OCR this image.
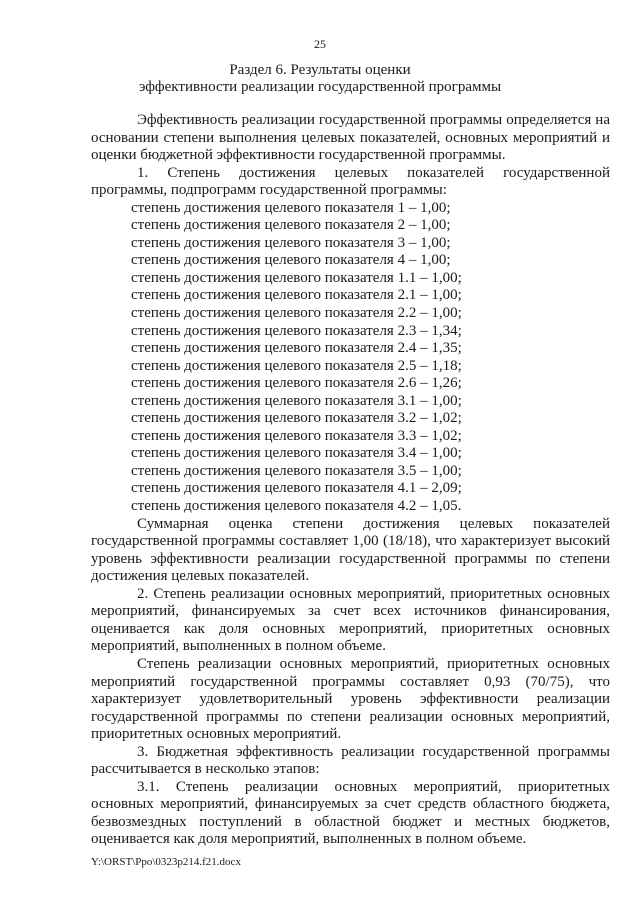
25
Раздел 6. Результаты оценки
эффективности реализации государственной программы

Эффективность реализации государственной программы определяется на основании степени выполнения целевых показателей, основных мероприятий и оценки бюджетной эффективности государственной программы.

1. Степень достижения целевых показателей государственной программы, подпрограмм государственной программы:

степень достижения целевого показателя 1 – 1,00;

степень достижения целевого показателя 2 – 1,00;

степень достижения целевого показателя 3 – 1,00;

степень достижения целевого показателя 4 – 1,00;

степень достижения целевого показателя 1.1 – 1,00;

степень достижения целевого показателя 2.1 – 1,00;

степень достижения целевого показателя 2.2 – 1,00;

степень достижения целевого показателя 2.3 – 1,34;

степень достижения целевого показателя 2.4 – 1,35;

степень достижения целевого показателя 2.5 – 1,18;

степень достижения целевого показателя 2.6 – 1,26;

степень достижения целевого показателя 3.1 – 1,00;

степень достижения целевого показателя 3.2 – 1,02;

степень достижения целевого показателя 3.3 – 1,02;

степень достижения целевого показателя 3.4 – 1,00;

степень достижения целевого показателя 3.5 – 1,00;

степень достижения целевого показателя 4.1 – 2,09;

степень достижения целевого показателя 4.2 – 1,05.

Суммарная оценка степени достижения целевых показателей государственной программы составляет 1,00 (18/18), что характеризует высокий уровень эффективности реализации государственной программы по степени достижения целевых показателей.

2. Степень реализации основных мероприятий, приоритетных основных мероприятий, финансируемых за счет всех источников финансирования, оценивается как доля основных мероприятий, приоритетных основных мероприятий, выполненных в полном объеме.

Степень реализации основных мероприятий, приоритетных основных мероприятий государственной программы составляет 0,93 (70/75), что характеризует удовлетворительный уровень эффективности реализации государственной программы по степени реализации основных мероприятий, приоритетных основных мероприятий.

3. Бюджетная эффективность реализации государственной программы рассчитывается в несколько этапов:

3.1. Степень реализации основных мероприятий, приоритетных основных мероприятий, финансируемых за счет средств областного бюджета, безвозмездных поступлений в областной бюджет и местных бюджетов, оценивается как доля мероприятий, выполненных в полном объеме.

Y:\ORST\Ppo\0323p214.f21.docx
